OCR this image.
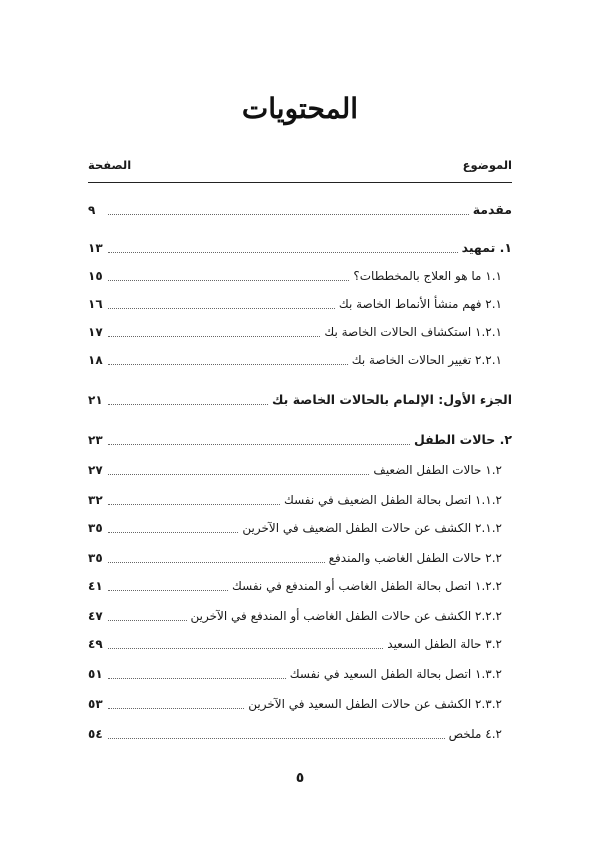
المحتويات
الموضوع
الصفحة
مقدمة
٩
١. تمهيد
١٣
١.١ ما هو العلاج بالمخططات؟
١٥
٢.١ فهم منشأ الأنماط الخاصة بك
١٦
١.٢.١ استكشاف الحالات الخاصة بك
١٧
٢.٢.١ تغيير الحالات الخاصة بك
١٨
الجزء الأول: الإلمام بالحالات الخاصة بك
٢١
٢. حالات الطفل
٢٣
١.٢ حالات الطفل الضعيف
٢٧
١.١.٢ اتصل بحالة الطفل الضعيف في نفسك
٣٢
٢.١.٢ الكشف عن حالات الطفل الضعيف في الآخرين
٣٥
٢.٢ حالات الطفل الغاضب والمندفع
٣٥
١.٢.٢ اتصل بحالة الطفل الغاضب أو المندفع في نفسك
٤١
٢.٢.٢ الكشف عن حالات الطفل الغاضب أو المندفع في الآخرين
٤٧
٣.٢ حالة الطفل السعيد
٤٩
١.٣.٢ اتصل بحالة الطفل السعيد في نفسك
٥١
٢.٣.٢ الكشف عن حالات الطفل السعيد في الآخرين
٥٣
٤.٢ ملخص
٥٤
٥
